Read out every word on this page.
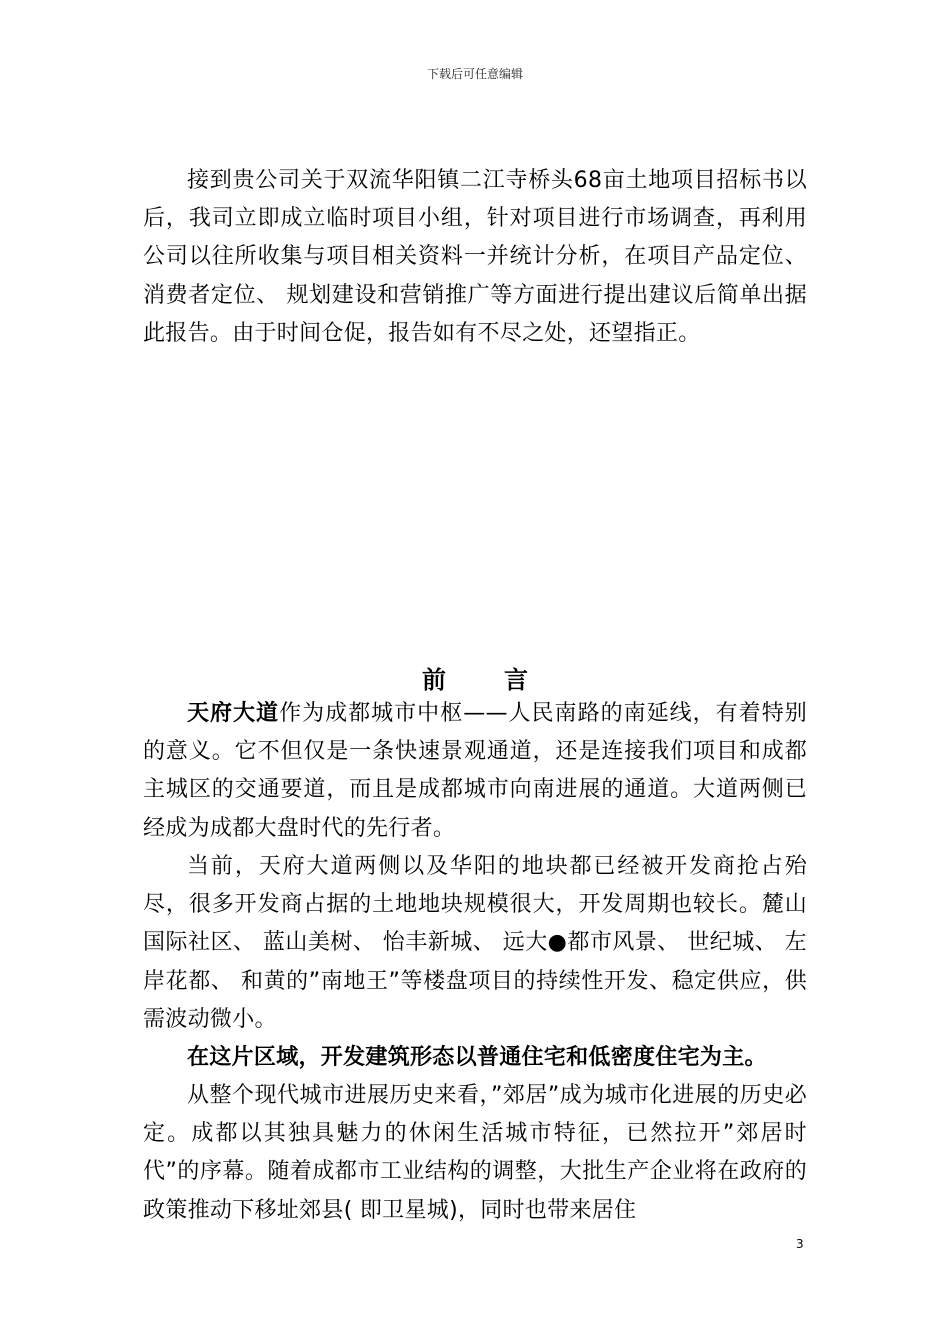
下载后可任意编辑

接到贵公司关于双流华阳镇二江寺桥头68亩土地项目招标书以后，我司立即成立临时项目小组，针对项目进行市场调查，再利用公司以往所收集与项目相关资料一并统计分析，在项目产品定位、 消费者定位、 规划建设和营销推广等方面进行提出建议后简单出据此报告。由于时间仓促，报告如有不尽之处，还望指正。

前 言

天府大道作为成都城市中枢——人民南路的南延线，有着特别的意义。它不但仅是一条快速景观通道，还是连接我们项目和成都主城区的交通要道，而且是成都城市向南进展的通道。大道两侧已经成为成都大盘时代的先行者。

当前，天府大道两侧以及华阳的地块都已经被开发商抢占殆尽，很多开发商占据的土地地块规模很大，开发周期也较长。麓山国际社区、 蓝山美树、 怡丰新城、 远大●都市风景、 世纪城、 左岸花都、 和黄的”南地王”等楼盘项目的持续性开发、稳定供应，供需波动微小。

在这片区域，开发建筑形态以普通住宅和低密度住宅为主。

从整个现代城市进展历史来看，”郊居”成为城市化进展的历史必定。成都以其独具魅力的休闲生活城市特征，已然拉开”郊居时代”的序幕。随着成都市工业结构的调整，大批生产企业将在政府的政策推动下移址郊县( 即卫星城)，同时也带来居住

3
